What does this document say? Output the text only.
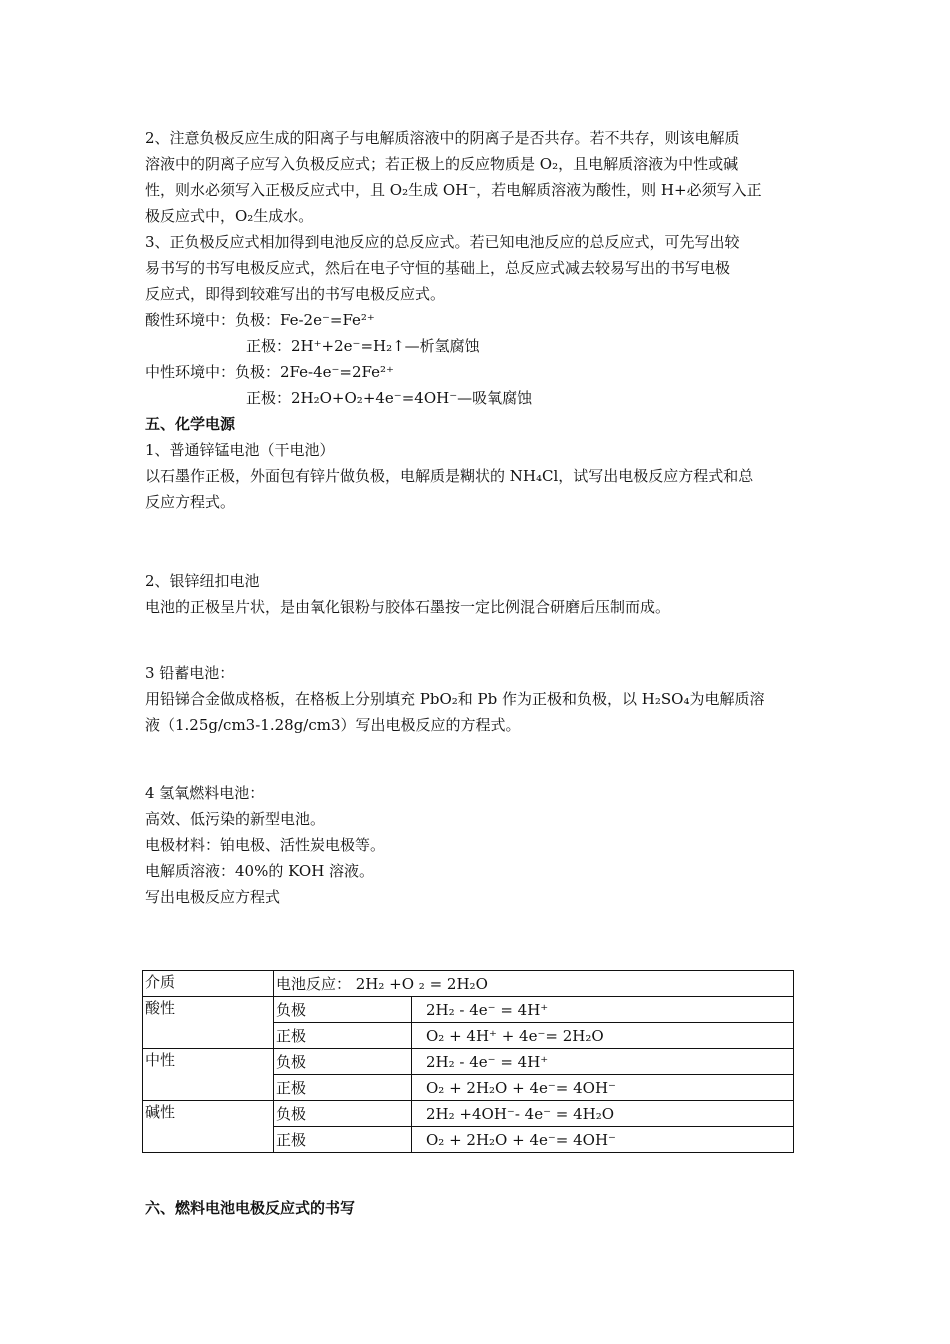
2、注意负极反应生成的阳离子与电解质溶液中的阴离子是否共存。若不共存，则该电解质

溶液中的阴离子应写入负极反应式；若正极上的反应物质是 O₂，且电解质溶液为中性或碱

性，则水必须写入正极反应式中，且 O₂生成 OH⁻，若电解质溶液为酸性，则 H+必须写入正

极反应式中，O₂生成水。

3、正负极反应式相加得到电池反应的总反应式。若已知电池反应的总反应式，可先写出较

易书写的书写电极反应式，然后在电子守恒的基础上，总反应式减去较易写出的书写电极

反应式，即得到较难写出的书写电极反应式。

酸性环境中：负极：Fe-2e⁻=Fe²⁺

正极：2H⁺+2e⁻=H₂↑—析氢腐蚀

中性环境中：负极：2Fe-4e⁻=2Fe²⁺

正极：2H₂O+O₂+4e⁻=4OH⁻—吸氧腐蚀

五、化学电源

1、普通锌锰电池（干电池）

以石墨作正极，外面包有锌片做负极，电解质是糊状的 NH₄Cl，试写出电极反应方程式和总

反应方程式。

2、银锌纽扣电池

电池的正极呈片状，是由氧化银粉与胶体石墨按一定比例混合研磨后压制而成。

3 铅蓄电池：

用铅锑合金做成格板，在格板上分别填充 PbO₂和 Pb 作为正极和负极，以 H₂SO₄为电解质溶

液（1.25g/cm3-1.28g/cm3）写出电极反应的方程式。

4 氢氧燃料电池：

高效、低污染的新型电池。

电极材料：铂电极、活性炭电极等。

电解质溶液：40%的 KOH 溶液。

写出电极反应方程式

介质	电池反应： 2H₂ +O ₂ = 2H₂O	
酸性	负极	2H₂ - 4e⁻ = 4H⁺
	正极	O₂ + 4H⁺ + 4e⁻= 2H₂O
中性	负极	2H₂ - 4e⁻ = 4H⁺
	正极	O₂ + 2H₂O + 4e⁻= 4OH⁻
碱性	负极	2H₂ +4OH⁻- 4e⁻ = 4H₂O
	正极	O₂ + 2H₂O + 4e⁻= 4OH⁻

六、燃料电池电极反应式的书写
